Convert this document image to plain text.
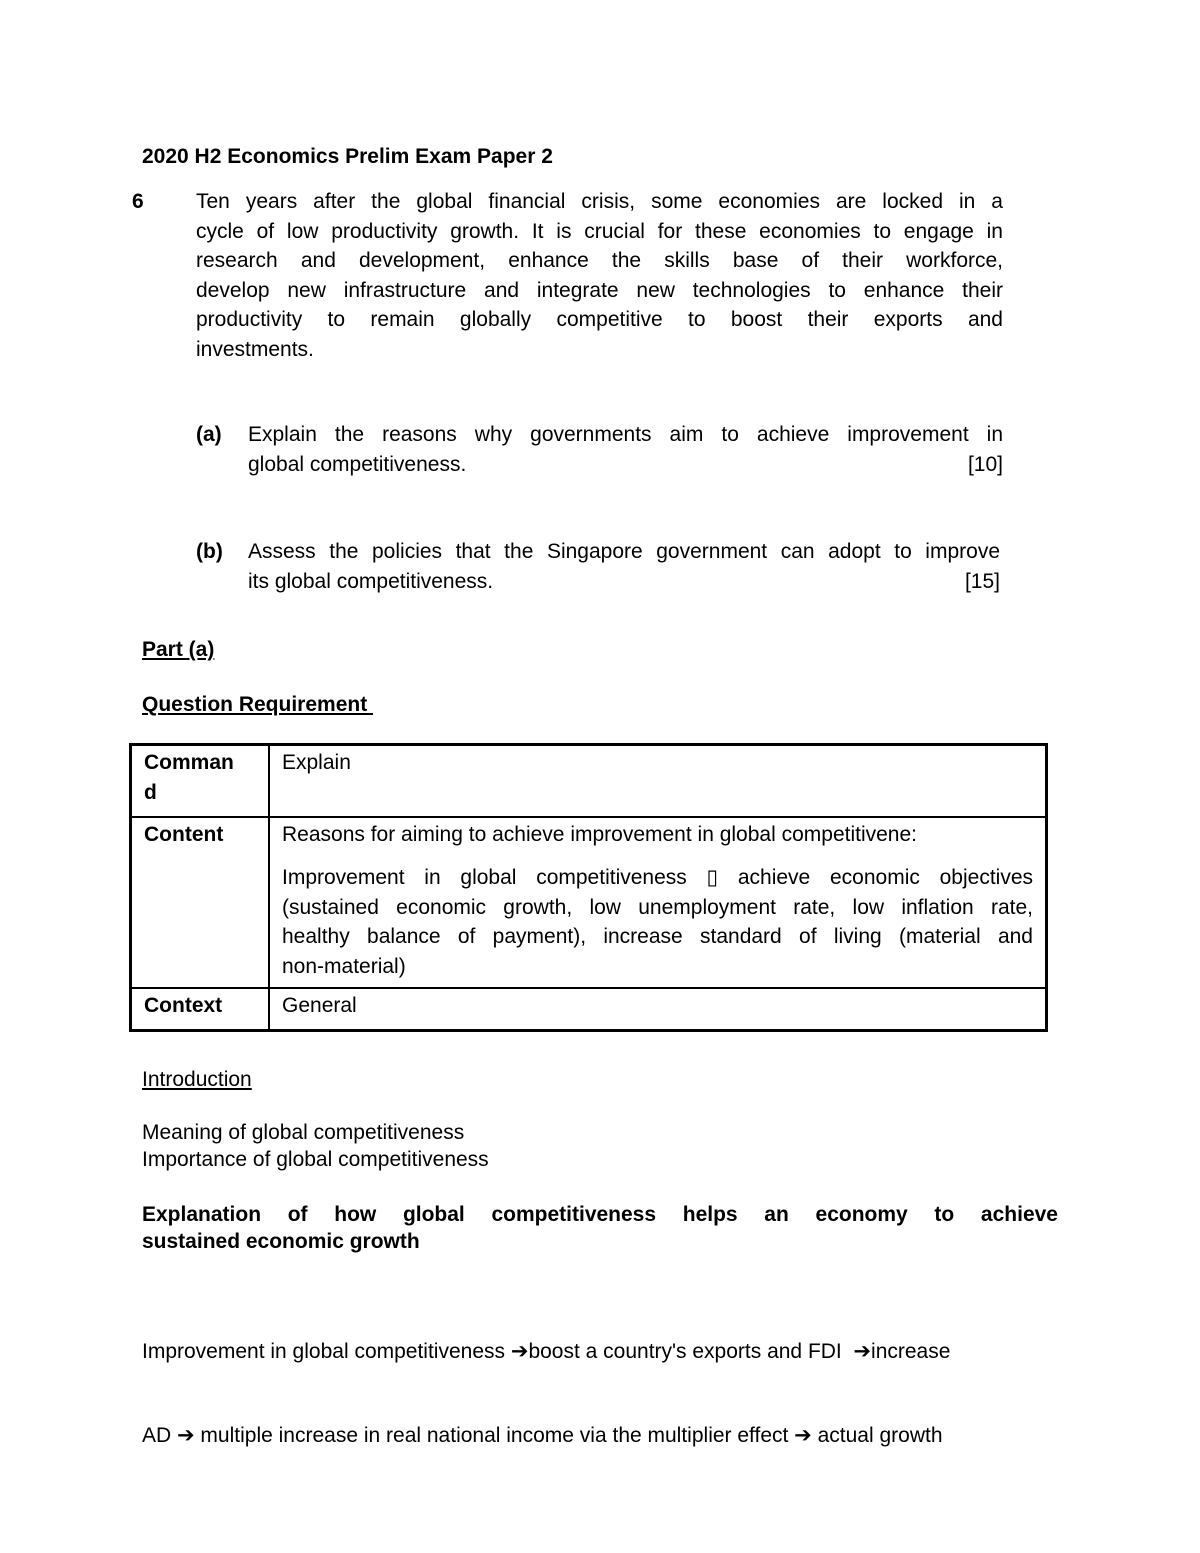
2020 H2 Economics Prelim Exam Paper 2
6 Ten years after the global financial crisis, some economies are locked in a
cycle of low productivity growth. It is crucial for these economies to engage in
research and development, enhance the skills base of their workforce,
develop new infrastructure and integrate new technologies to enhance their
productivity to remain globally competitive to boost their exports and
investments.
(a) Explain the reasons why governments aim to achieve improvement in
global competitiveness.	[10]
(b) Assess the policies that the Singapore government can adopt to improve
its global competitiveness.	[15]
Part (a)
Question Requirement
Comman
d	Explain
Content	Reasons for aiming to achieve improvement in global competitivene:
Improvement in global competitiveness ▯ achieve economic objectives
(sustained economic growth, low unemployment rate, low inflation rate,
healthy balance of payment), increase standard of living (material and
non-material)

Context	General
Introduction
Meaning of global competitiveness
Importance of global competitiveness
Explanation of how global competitiveness helps an economy to achieve
sustained economic growth

Improvement in global competitiveness ➔boost a country's exports and FDI  ➔increase

AD ➔ multiple increase in real national income via the multiplier effect ➔ actual growth
